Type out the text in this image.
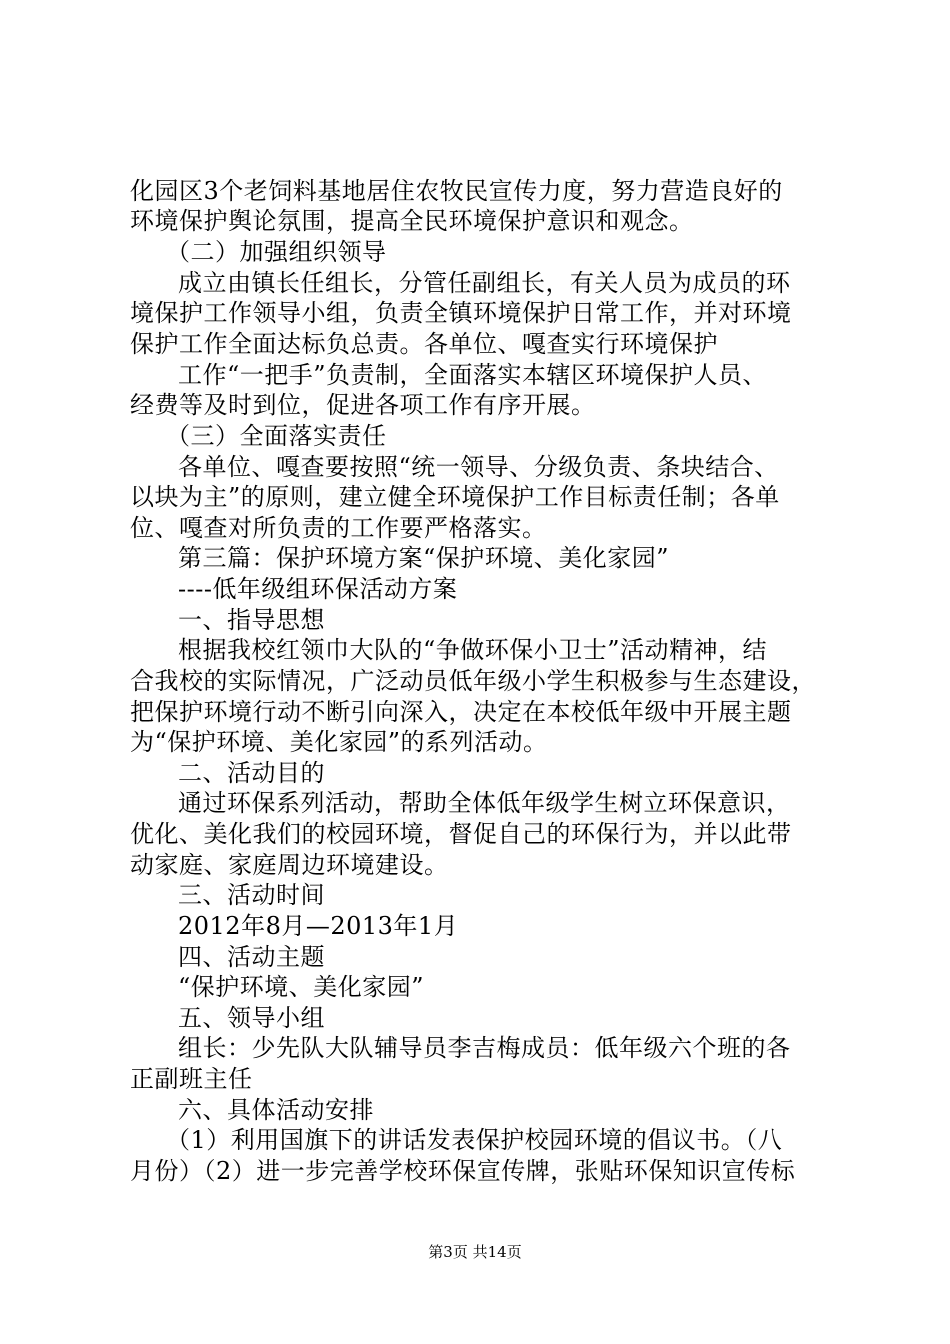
化园区3个老饲料基地居住农牧民宣传力度，努力营造良好的
环境保护舆论氛围，提高全民环境保护意识和观念。
（二）加强组织领导
成立由镇长任组长，分管任副组长，有关人员为成员的环
境保护工作领导小组，负责全镇环境保护日常工作，并对环境
保护工作全面达标负总责。各单位、嘎查实行环境保护
工作“一把手”负责制，全面落实本辖区环境保护人员、
经费等及时到位，促进各项工作有序开展。
（三）全面落实责任
各单位、嘎查要按照“统一领导、分级负责、条块结合、
以块为主”的原则，建立健全环境保护工作目标责任制；各单
位、嘎查对所负责的工作要严格落实。
第三篇：保护环境方案“保护环境、美化家园”
----低年级组环保活动方案
一、指导思想
根据我校红领巾大队的“争做环保小卫士”活动精神，结
合我校的实际情况，广泛动员低年级小学生积极参与生态建设，
把保护环境行动不断引向深入，决定在本校低年级中开展主题
为“保护环境、美化家园”的系列活动。
二、活动目的
通过环保系列活动，帮助全体低年级学生树立环保意识，
优化、美化我们的校园环境，督促自己的环保行为，并以此带
动家庭、家庭周边环境建设。
三、活动时间
2012年8月—2013年1月
四、活动主题
“保护环境、美化家园”
五、领导小组
组长：少先队大队辅导员李吉梅成员：低年级六个班的各
正副班主任
六、具体活动安排
（1）利用国旗下的讲话发表保护校园环境的倡议书。（八
月份）（2）进一步完善学校环保宣传牌，张贴环保知识宣传标
第3页 共14页
